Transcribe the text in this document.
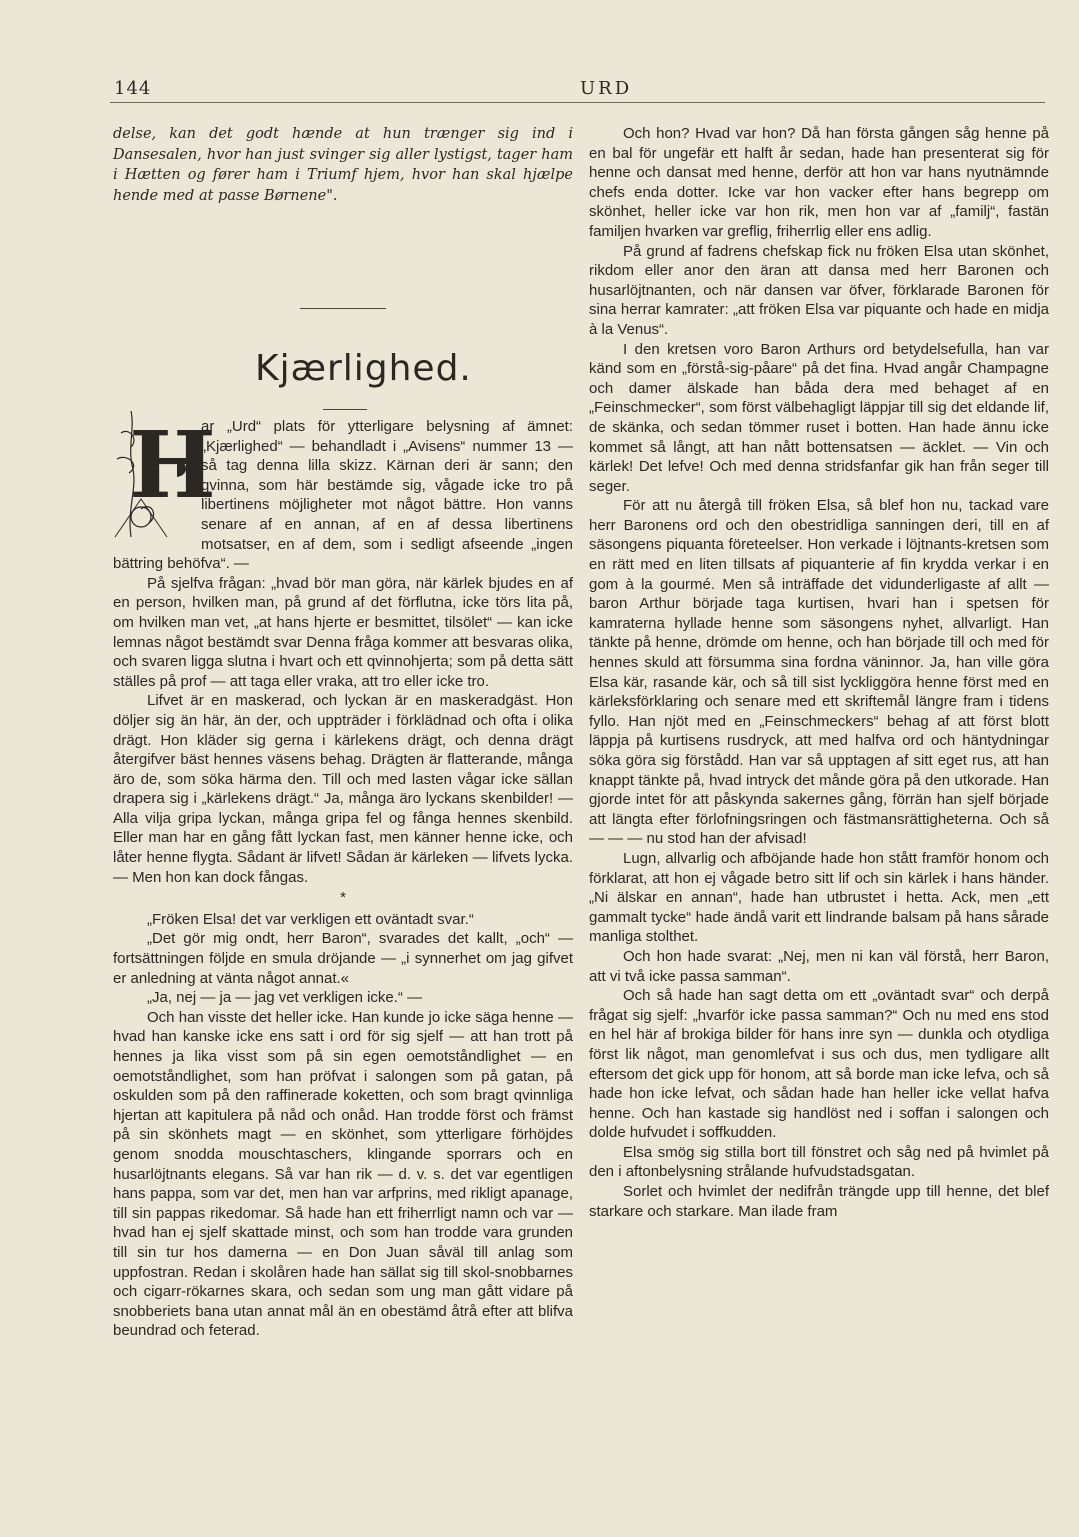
144	URD

delse, kan det godt hænde at hun trænger sig ind i Dansesalen, hvor han just svinger sig aller lystigst, tager ham i Hætten og fører ham i Triumf hjem, hvor han skal hjælpe hende med at passe Børnene".

Kjærlighed.
H

ar „Urd“ plats för ytterligare belysning af ämnet: „Kjærlighed“ — behandladt i „Avisens“ nummer 13 — så tag denna lilla skizz. Kärnan deri är sann; den qvinna, som här bestämde sig, vågade icke tro på libertinens möjligheter mot något bättre. Hon vanns senare af en annan, af en af dessa libertinens motsatser, en af dem, som i sedligt afseende „ingen bättring behöfva“. —

På sjelfva frågan: „hvad bör man göra, när kärlek bjudes en af en person, hvilken man, på grund af det förflutna, icke törs lita på, om hvilken man vet, „at hans hjerte er besmittet, tilsölet“ — kan icke lemnas något bestämdt svar Denna fråga kommer att besvaras olika, och svaren ligga slutna i hvart och ett qvinnohjerta; som på detta sätt ställes på prof — att taga eller vraka, att tro eller icke tro.

Lifvet är en maskerad, och lyckan är en maskeradgäst. Hon döljer sig än här, än der, och uppträder i förklädnad och ofta i olika drägt. Hon kläder sig gerna i kärlekens drägt, och denna drägt återgifver bäst hennes väsens behag. Drägten är flatterande, många äro de, som söka härma den. Till och med lasten vågar icke sällan drapera sig i „kärlekens drägt.“ Ja, många äro lyckans skenbilder! — Alla vilja gripa lyckan, många gripa fel og fånga hennes skenbild. Eller man har en gång fått lyckan fast, men känner henne icke, och låter henne flygta. Sådant är lifvet! Sådan är kärleken — lifvets lycka. — Men hon kan dock fångas.

*

„Fröken Elsa! det var verkligen ett oväntadt svar.“

„Det gör mig ondt, herr Baron“, svarades det kallt, „och“ — fortsättningen följde en smula dröjande — „i synnerhet om jag gifvet er anledning at vänta något annat.«

„Ja, nej — ja — jag vet verkligen icke.“ —

Och han visste det heller icke. Han kunde jo icke säga henne — hvad han kanske icke ens satt i ord för sig sjelf — att han trott på hennes ja lika visst som på sin egen oemotståndlighet — en oemotståndlighet, som han pröfvat i salongen som på gatan, på oskulden som på den raffinerade koketten, och som bragt qvinnliga hjertan att kapitulera på nåd och onåd. Han trodde först och främst på sin skönhets magt — en skönhet, som ytterligare förhöjdes genom snodda mouschtaschers, klingande sporrars och en husarlöjtnants elegans. Så var han rik — d. v. s. det var egentligen hans pappa, som var det, men han var arfprins, med rikligt apanage, till sin pappas rikedomar. Så hade han ett friherrligt namn och var — hvad han ej sjelf skattade minst, och som han trodde vara grunden till sin tur hos damerna — en Don Juan såväl till anlag som uppfostran. Redan i skolåren hade han sällat sig till skol-snobbarnes och cigarr-rökarnes skara, och sedan som ung man gått vidare på snobberiets bana utan annat mål än en obestämd åtrå efter att blifva beundrad och feterad.

Och hon? Hvad var hon? Då han första gången såg henne på en bal för ungefär ett halft år sedan, hade han presenterat sig för henne och dansat med henne, derför att hon var hans nyutnämnde chefs enda dotter. Icke var hon vacker efter hans begrepp om skönhet, heller icke var hon rik, men hon var af „familj“, fastän familjen hvarken var greflig, friherrlig eller ens adlig.

På grund af fadrens chefskap fick nu fröken Elsa utan skönhet, rikdom eller anor den äran att dansa med herr Baronen och husarlöjtnanten, och när dansen var öfver, förklarade Baronen för sina herrar kamrater: „att fröken Elsa var piquante och hade en midja à la Venus“.

I den kretsen voro Baron Arthurs ord betydelsefulla, han var känd som en „förstå-sig-påare“ på det fina. Hvad angår Champagne och damer älskade han båda dera med behaget af en „Feinschmecker“, som först välbehagligt läppjar till sig det eldande lif, de skänka, och sedan tömmer ruset i botten. Han hade ännu icke kommet så långt, att han nått bottensatsen — äcklet. — Vin och kärlek! Det lefve! Och med denna stridsfanfar gik han från seger till seger.

För att nu återgå till fröken Elsa, så blef hon nu, tackad vare herr Baronens ord och den obestridliga sanningen deri, till en af säsongens piquanta företeelser. Hon verkade i löjtnants-kretsen som en rätt med en liten tillsats af piquanterie af fin krydda verkar i en gom à la gourmé. Men så inträffade det vidunderligaste af allt — baron Arthur började taga kurtisen, hvari han i spetsen för kamraterna hyllade henne som säsongens nyhet, allvarligt. Han tänkte på henne, drömde om henne, och han började till och med för hennes skuld att försumma sina fordna väninnor. Ja, han ville göra Elsa kär, rasande kär, och så till sist lyckliggöra henne först med en kärleksförklaring och senare med ett skriftemål längre fram i tidens fyllo. Han njöt med en „Feinschmeckers“ behag af att först blott läppja på kurtisens rusdryck, att med halfva ord och häntydningar söka göra sig förstådd. Han var så upptagen af sitt eget rus, att han knappt tänkte på, hvad intryck det månde göra på den utkorade. Han gjorde intet för att påskynda sakernes gång, förrän han sjelf började att längta efter förlofningsringen och fästmansrättigheterna. Och så — — — nu stod han der afvisad!

Lugn, allvarlig och afböjande hade hon stått framför honom och förklarat, att hon ej vågade betro sitt lif och sin kärlek i hans händer. „Ni älskar en annan“, hade han utbrustet i hetta. Ack, men „ett gammalt tycke“ hade ändå varit ett lindrande balsam på hans sårade manliga stolthet.

Och hon hade svarat: „Nej, men ni kan väl förstå, herr Baron, att vi två icke passa samman“.

Och så hade han sagt detta om ett „oväntadt svar“ och derpå frågat sig sjelf: „hvarför icke passa samman?“ Och nu med ens stod en hel här af brokiga bilder för hans inre syn — dunkla och otydliga först lik något, man genomlefvat i sus och dus, men tydligare allt eftersom det gick upp för honom, att så borde man icke lefva, och så hade hon icke lefvat, och sådan hade han heller icke vellat hafva henne. Och han kastade sig handlöst ned i soffan i salongen och dolde hufvudet i soffkudden.

Elsa smög sig stilla bort till fönstret och såg ned på hvimlet på den i aftonbelysning strålande hufvudstadsgatan.

Sorlet och hvimlet der nedifrån trängde upp till henne, det blef starkare och starkare. Man ilade fram
